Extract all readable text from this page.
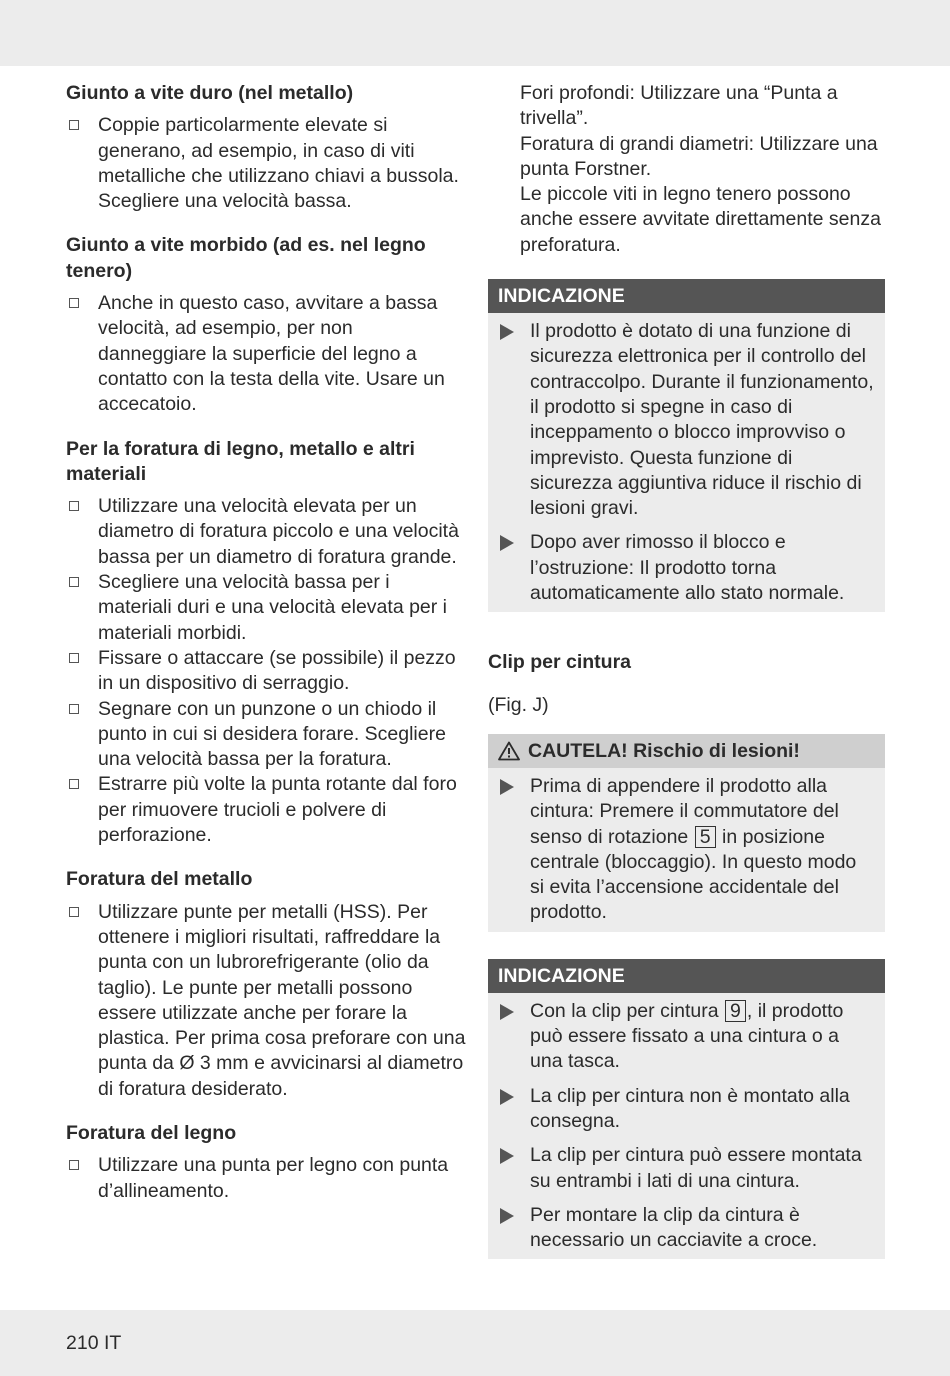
Giunto a vite duro (nel metallo)
Coppie particolarmente elevate si generano, ad esempio, in caso di viti metalliche che utilizzano chiavi a bussola. Scegliere una velocità bassa.
Giunto a vite morbido (ad es. nel legno tenero)
Anche in questo caso, avvitare a bassa velocità, ad esempio, per non danneggiare la superficie del legno a contatto con la testa della vite. Usare un accecatoio.
Per la foratura di legno, metallo e altri materiali
Utilizzare una velocità elevata per un diametro di foratura piccolo e una velocità bassa per un diametro di foratura grande.
Scegliere una velocità bassa per i materiali duri e una velocità elevata per i materiali morbidi.
Fissare o attaccare (se possibile) il pezzo in un dispositivo di serraggio.
Segnare con un punzone o un chiodo il punto in cui si desidera forare. Scegliere una velocità bassa per la foratura.
Estrarre più volte la punta rotante dal foro per rimuovere trucioli e polvere di perforazione.
Foratura del metallo
Utilizzare punte per metalli (HSS). Per ottenere i migliori risultati, raffreddare la punta con un lubrorefrigerante (olio da taglio). Le punte per metalli possono essere utilizzate anche per forare la plastica. Per prima cosa preforare con una punta da Ø 3 mm e avvicinarsi al diametro di foratura desiderato.
Foratura del legno
Utilizzare una punta per legno con punta d’allineamento.
Fori profondi: Utilizzare una “Punta a trivella”.
Foratura di grandi diametri: Utilizzare una punta Forstner.
Le piccole viti in legno tenero possono anche essere avvitate direttamente senza preforatura.
INDICAZIONE
Il prodotto è dotato di una funzione di sicurezza elettronica per il controllo del contraccolpo. Durante il funzionamento, il prodotto si spegne in caso di inceppamento o blocco improvviso o imprevisto. Questa funzione di sicurezza aggiuntiva riduce il rischio di lesioni gravi.
Dopo aver rimosso il blocco e l’ostruzione: Il prodotto torna automaticamente allo stato normale.
Clip per cintura
(Fig. J)
CAUTELA! Rischio di lesioni!
Prima di appendere il prodotto alla cintura: Premere il commutatore del senso di rotazione 5 in posizione centrale (bloccaggio). In questo modo si evita l’accensione accidentale del prodotto.
INDICAZIONE
Con la clip per cintura 9 , il prodotto può essere fissato a una cintura o a una tasca.
La clip per cintura non è montato alla consegna.
La clip per cintura può essere montata su entrambi i lati di una cintura.
Per montare la clip da cintura è necessario un cacciavite a croce.
210 IT
